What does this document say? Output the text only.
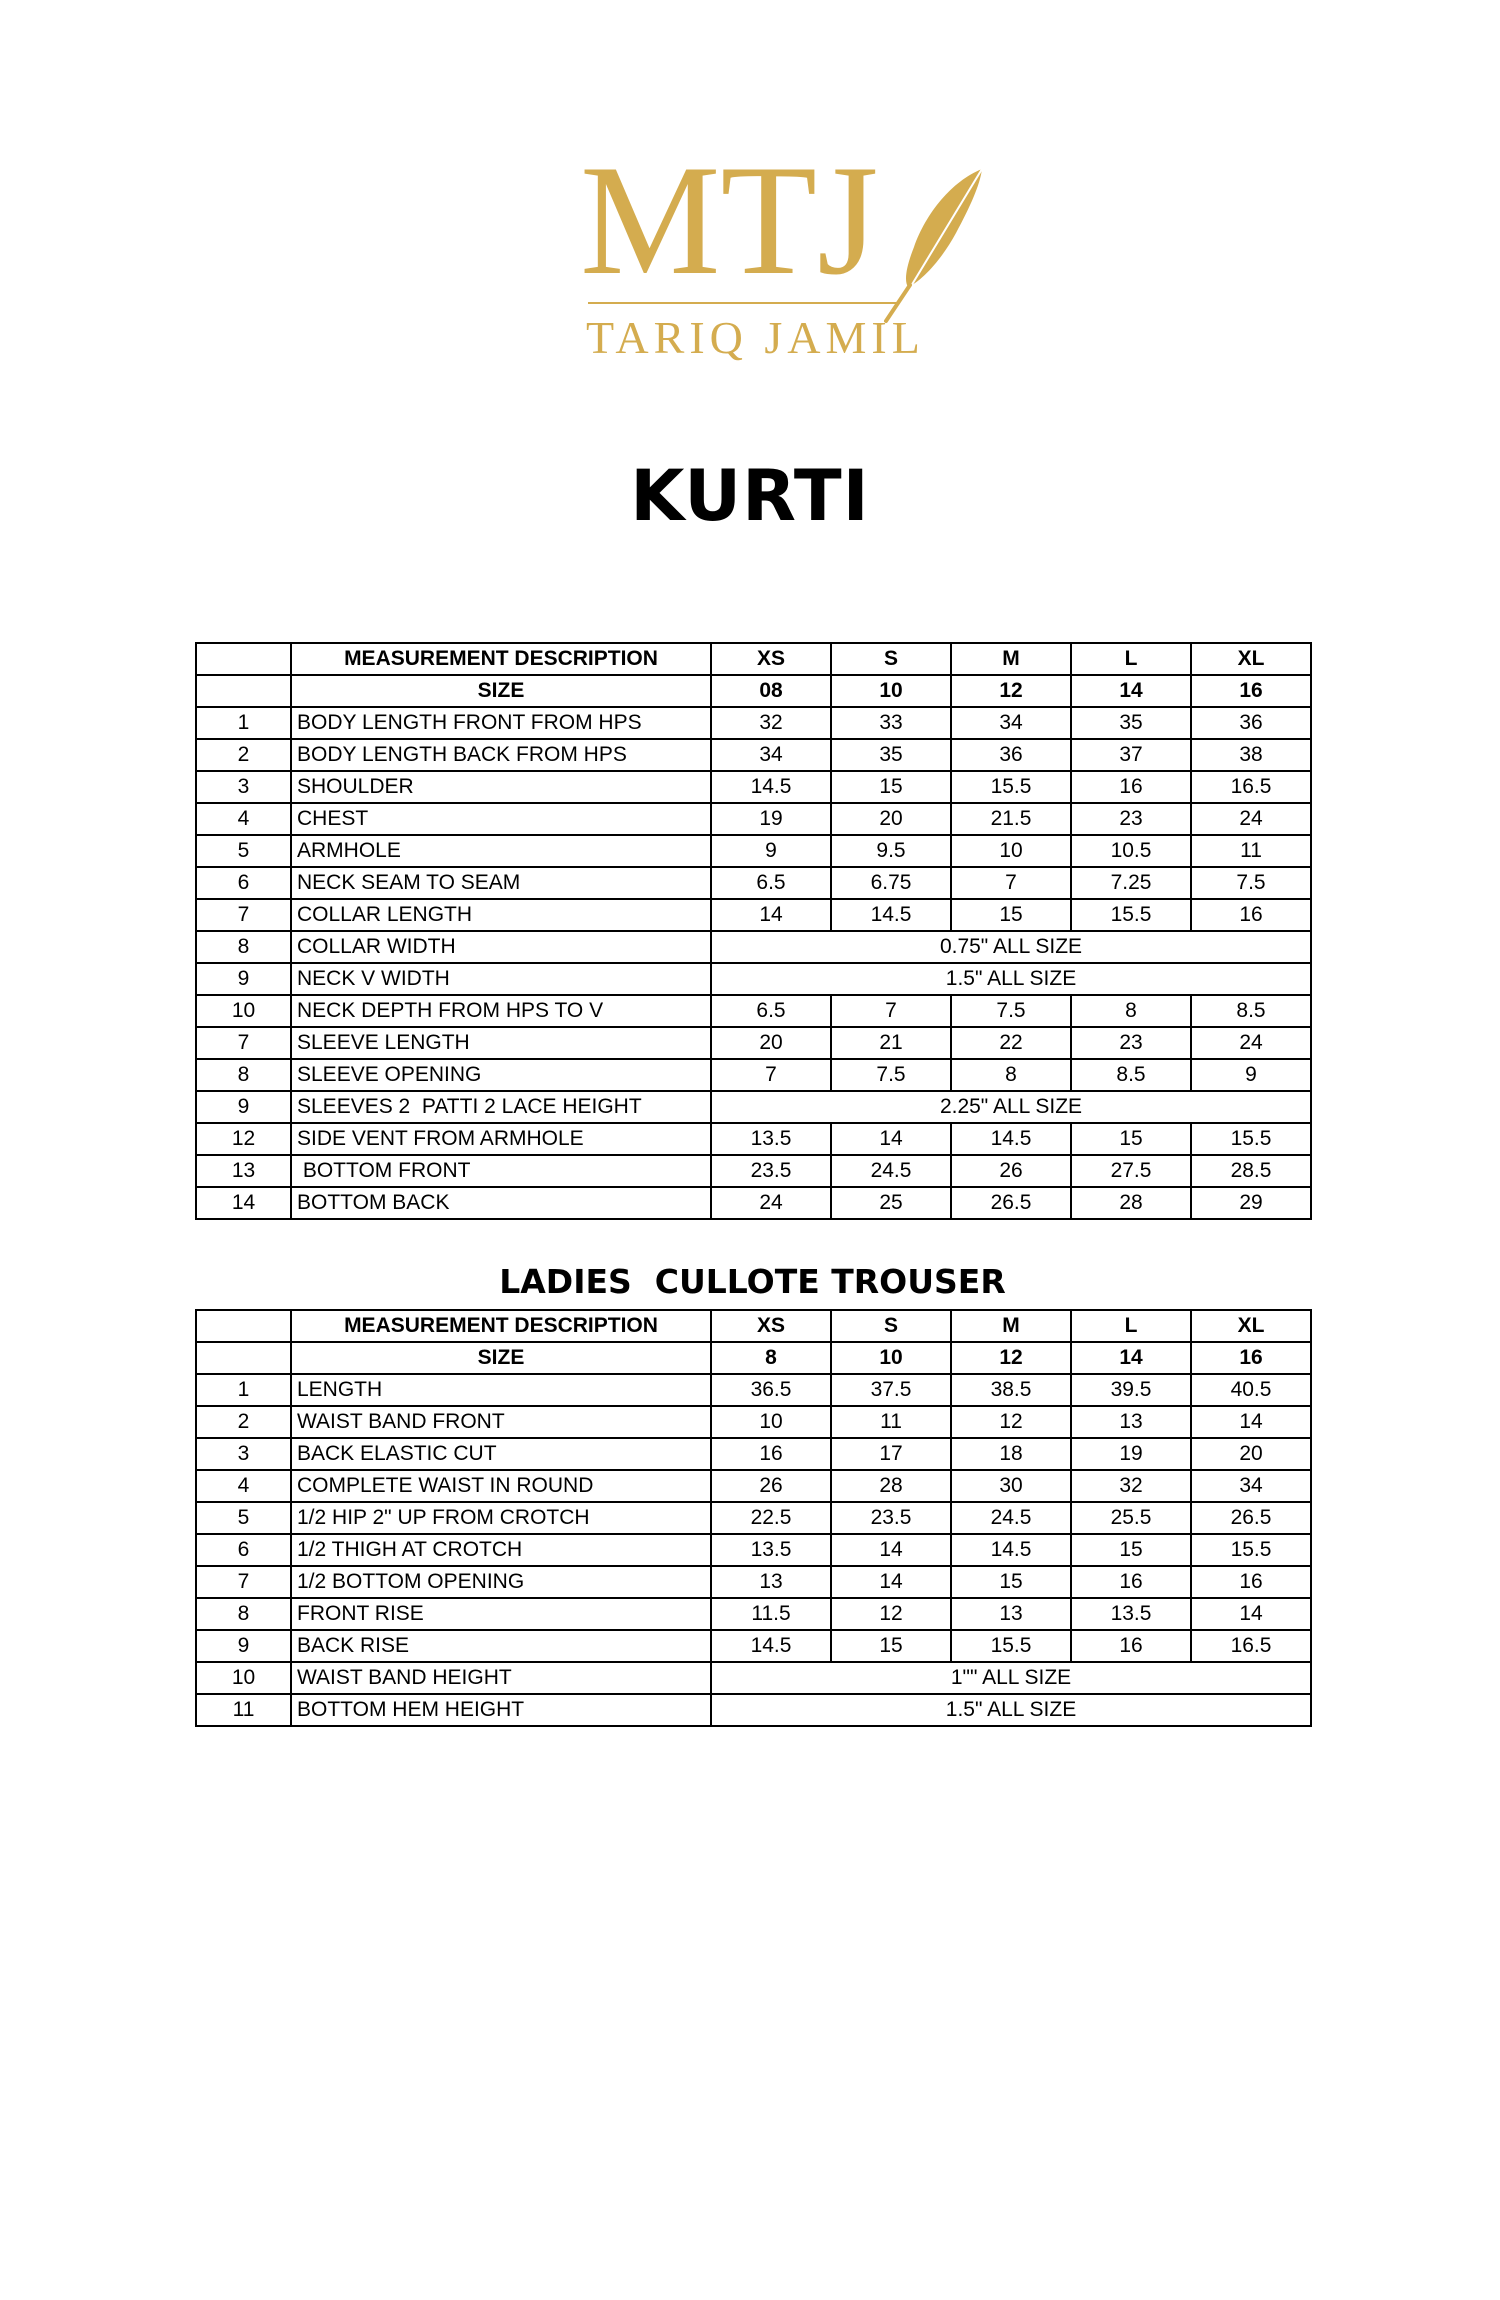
MTJ
TARIQ JAMIL
KURTI
	MEASUREMENT DESCRIPTION	XS	S	M	L	XL
	SIZE	08	10	12	14	16
1	BODY LENGTH FRONT FROM HPS	32	33	34	35	36
2	BODY LENGTH BACK FROM HPS	34	35	36	37	38
3	SHOULDER	14.5	15	15.5	16	16.5
4	CHEST	19	20	21.5	23	24
5	ARMHOLE	9	9.5	10	10.5	11
6	NECK SEAM TO SEAM	6.5	6.75	7	7.25	7.5
7	COLLAR LENGTH	14	14.5	15	15.5	16
8	COLLAR WIDTH	0.75" ALL SIZE				
9	NECK V WIDTH	1.5" ALL SIZE				
10	NECK DEPTH FROM HPS TO V	6.5	7	7.5	8	8.5
7	SLEEVE LENGTH	20	21	22	23	24
8	SLEEVE OPENING	7	7.5	8	8.5	9
9	SLEEVES 2  PATTI 2 LACE HEIGHT	2.25" ALL SIZE				
12	SIDE VENT FROM ARMHOLE	13.5	14	14.5	15	15.5
13	BOTTOM FRONT	23.5	24.5	26	27.5	28.5
14	BOTTOM BACK	24	25	26.5	28	29
LADIES  CULLOTE TROUSER
	MEASUREMENT DESCRIPTION	XS	S	M	L	XL
	SIZE	8	10	12	14	16
1	LENGTH	36.5	37.5	38.5	39.5	40.5
2	WAIST BAND FRONT	10	11	12	13	14
3	BACK ELASTIC CUT	16	17	18	19	20
4	COMPLETE WAIST IN ROUND	26	28	30	32	34
5	1/2 HIP 2" UP FROM CROTCH	22.5	23.5	24.5	25.5	26.5
6	1/2 THIGH AT CROTCH	13.5	14	14.5	15	15.5
7	1/2 BOTTOM OPENING	13	14	15	16	16
8	FRONT RISE	11.5	12	13	13.5	14
9	BACK RISE	14.5	15	15.5	16	16.5
10	WAIST BAND HEIGHT	1"" ALL SIZE				
11	BOTTOM HEM HEIGHT	1.5" ALL SIZE				
